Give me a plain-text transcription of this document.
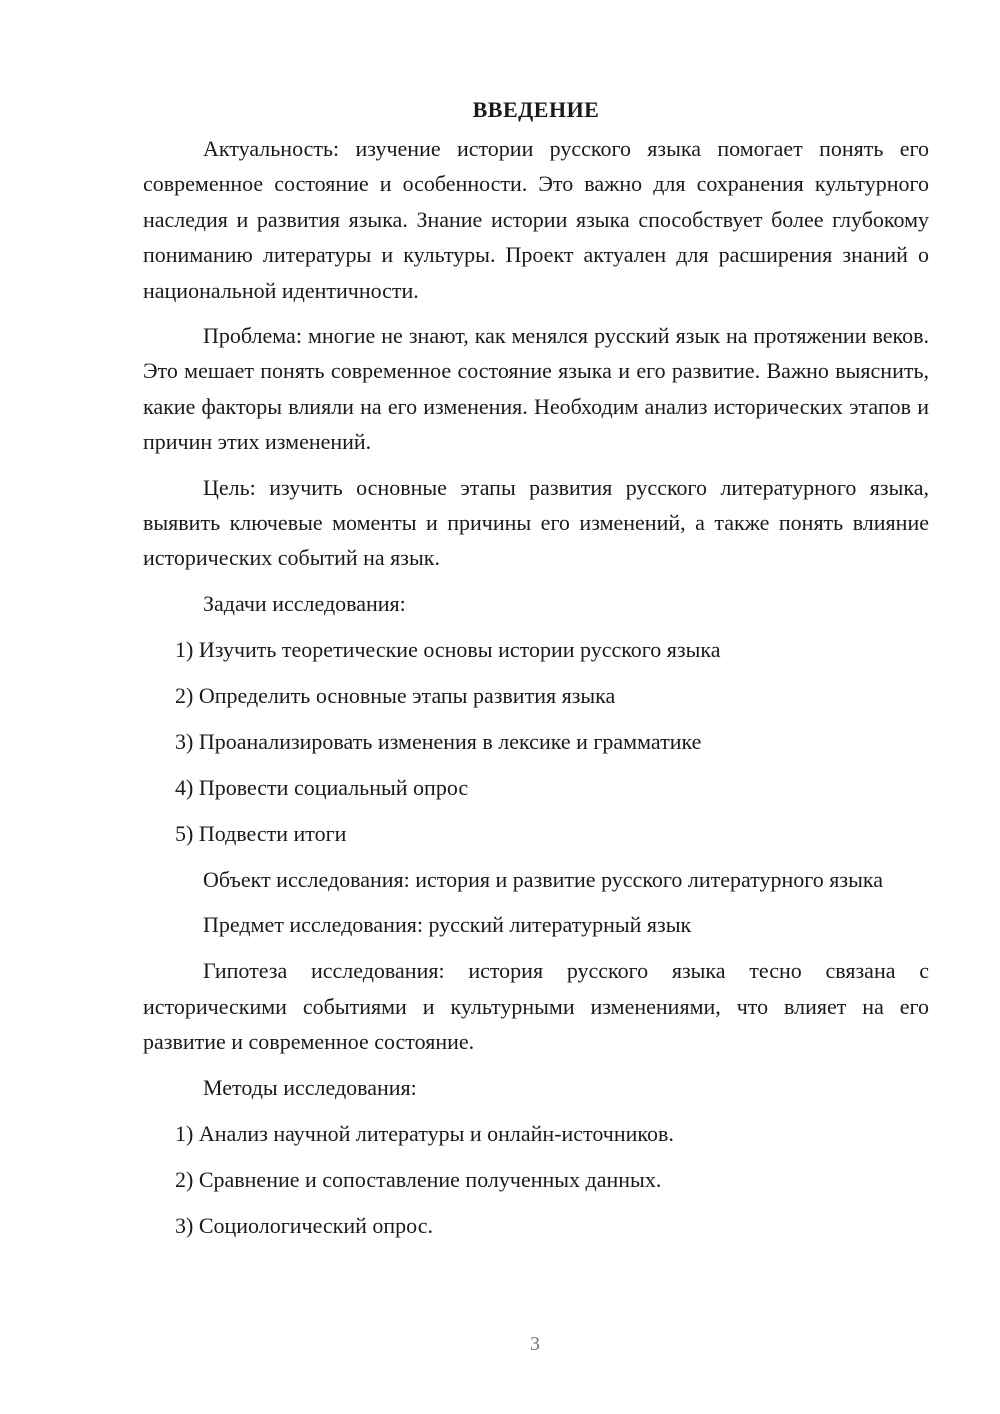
ВВЕДЕНИЕ

Актуальность: изучение истории русского языка помогает понять его современное состояние и особенности. Это важно для сохранения культурного наследия и развития языка. Знание истории языка способствует более глубокому пониманию литературы и культуры. Проект актуален для расширения знаний о национальной идентичности.

Проблема: многие не знают, как менялся русский язык на протяжении веков. Это мешает понять современное состояние языка и его развитие. Важно выяснить, какие факторы влияли на его изменения. Необходим анализ исторических этапов и причин этих изменений.

Цель: изучить основные этапы развития русского литературного языка, выявить ключевые моменты и причины его изменений, а также понять влияние исторических событий на язык.

Задачи исследования:
1) Изучить теоретические основы истории русского языка
2) Определить основные этапы развития языка
3) Проанализировать изменения в лексике и грамматике
4) Провести социальный опрос
5) Подвести итоги

Объект исследования: история и развитие русского литературного языка

Предмет исследования: русский литературный язык

Гипотеза исследования: история русского языка тесно связана с историческими событиями и культурными изменениями, что влияет на его развитие и современное состояние.

Методы исследования:
1) Анализ научной литературы и онлайн-источников.
2) Сравнение и сопоставление полученных данных.
3) Социологический опрос.
3
